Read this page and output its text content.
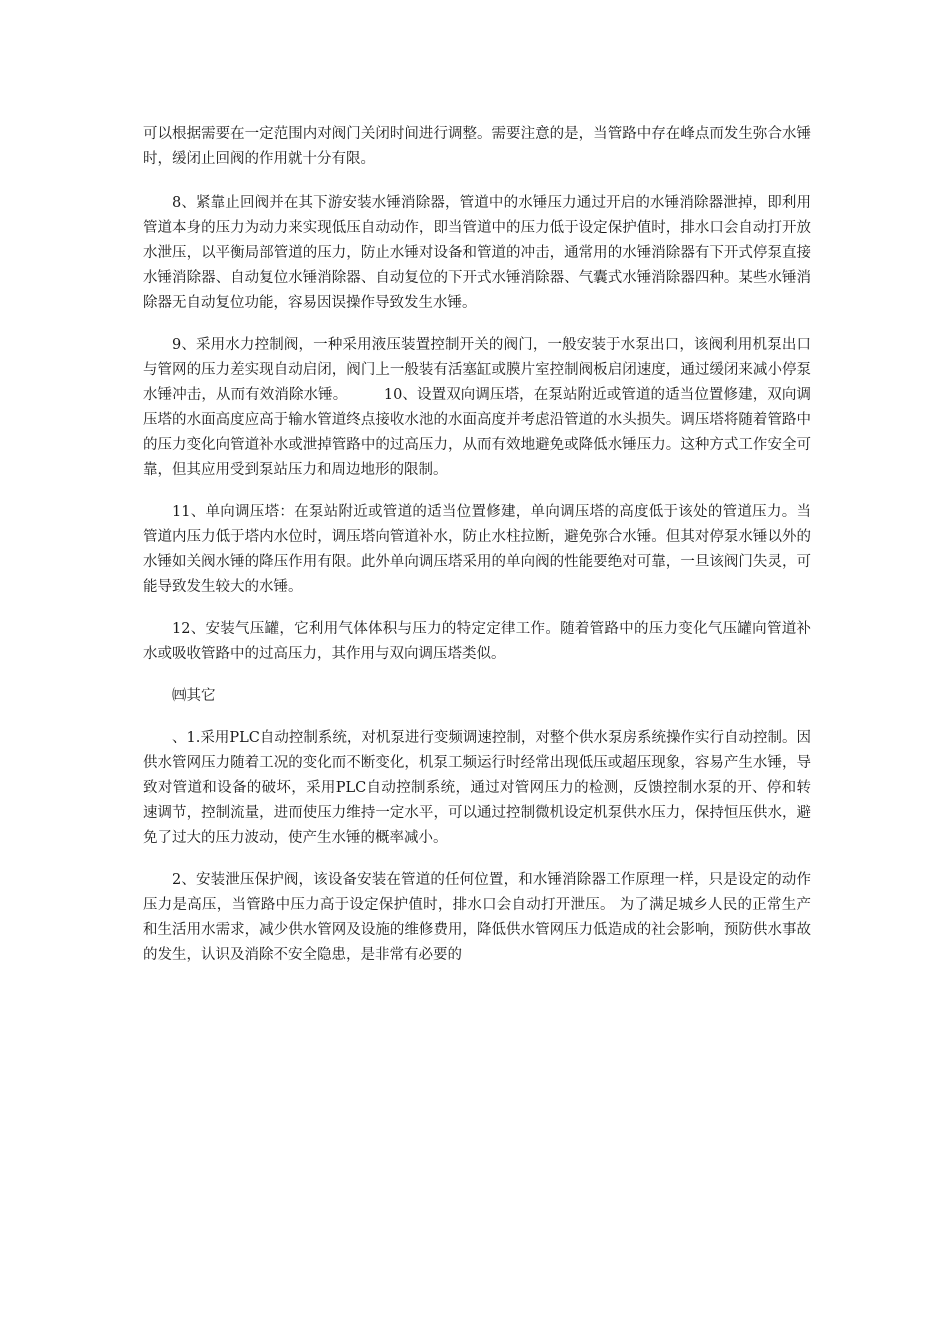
可以根据需要在一定范围内对阀门关闭时间进行调整。需要注意的是，当管路中存在峰点而发生弥合水锤时，缓闭止回阀的作用就十分有限。

8、紧靠止回阀并在其下游安装水锤消除器，管道中的水锤压力通过开启的水锤消除器泄掉，即利用管道本身的压力为动力来实现低压自动动作，即当管道中的压力低于设定保护值时，排水口会自动打开放水泄压，以平衡局部管道的压力，防止水锤对设备和管道的冲击，通常用的水锤消除器有下开式停泵直接水锤消除器、自动复位水锤消除器、自动复位的下开式水锤消除器、气囊式水锤消除器四种。某些水锤消除器无自动复位功能，容易因误操作导致发生水锤。

9、采用水力控制阀，一种采用液压装置控制开关的阀门，一般安装于水泵出口，该阀利用机泵出口与管网的压力差实现自动启闭，阀门上一般装有活塞缸或膜片室控制阀板启闭速度，通过缓闭来减小停泵水锤冲击，从而有效消除水锤。　　　10、设置双向调压塔，在泵站附近或管道的适当位置修建，双向调压塔的水面高度应高于输水管道终点接收水池的水面高度并考虑沿管道的水头损失。调压塔将随着管路中的压力变化向管道补水或泄掉管路中的过高压力，从而有效地避免或降低水锤压力。这种方式工作安全可靠，但其应用受到泵站压力和周边地形的限制。

11、单向调压塔：在泵站附近或管道的适当位置修建，单向调压塔的高度低于该处的管道压力。当管道内压力低于塔内水位时，调压塔向管道补水，防止水柱拉断，避免弥合水锤。但其对停泵水锤以外的水锤如关阀水锤的降压作用有限。此外单向调压塔采用的单向阀的性能要绝对可靠，一旦该阀门失灵，可能导致发生较大的水锤。

12、安装气压罐，它利用气体体积与压力的特定定律工作。随着管路中的压力变化气压罐向管道补水或吸收管路中的过高压力，其作用与双向调压塔类似。

㈣其它

、1.采用PLC自动控制系统，对机泵进行变频调速控制，对整个供水泵房系统操作实行自动控制。因供水管网压力随着工况的变化而不断变化，机泵工频运行时经常出现低压或超压现象，容易产生水锤，导致对管道和设备的破坏，采用PLC自动控制系统，通过对管网压力的检测，反馈控制水泵的开、停和转速调节，控制流量，进而使压力维持一定水平，可以通过控制微机设定机泵供水压力，保持恒压供水，避免了过大的压力波动，使产生水锤的概率减小。

2、安装泄压保护阀，该设备安装在管道的任何位置，和水锤消除器工作原理一样，只是设定的动作压力是高压，当管路中压力高于设定保护值时，排水口会自动打开泄压。 为了满足城乡人民的正常生产和生活用水需求，减少供水管网及设施的维修费用，降低供水管网压力低造成的社会影响，预防供水事故的发生，认识及消除不安全隐患，是非常有必要的
